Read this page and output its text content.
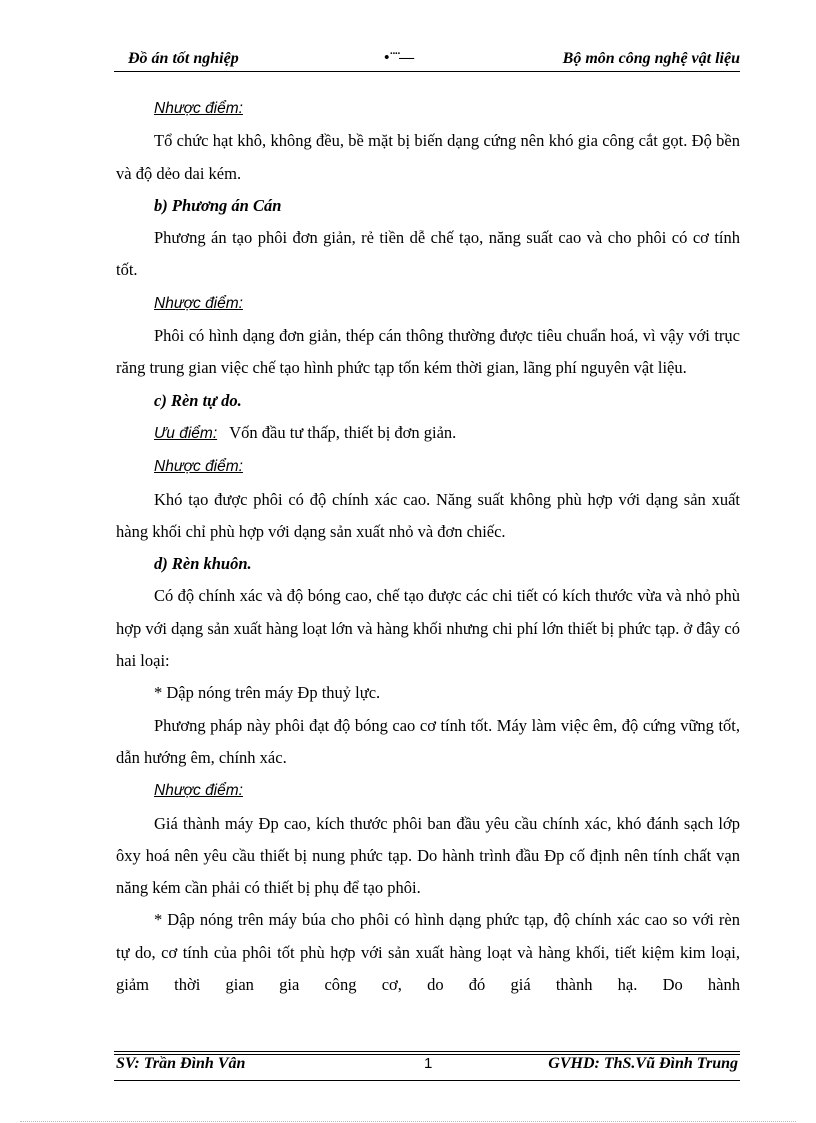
Đồ án tốt nghiệp	•¨¨—	Bộ môn công nghệ vật liệu

Nhược điểm:

Tổ chức hạt khô, không đều, bề mặt bị biến dạng cứng nên khó gia công cắt gọt. Độ bền và độ dẻo dai kém.

b) Phương án Cán

Phương án tạo phôi đơn giản, rẻ tiền dễ chế tạo, năng suất cao và cho phôi có cơ tính tốt.

Nhược điểm:

Phôi có hình dạng đơn giản, thép cán thông thường được tiêu chuẩn hoá, vì vậy với trục răng trung gian việc chế tạo hình phức tạp tốn kém thời gian, lãng phí nguyên vật liệu.

c) Rèn tự do.

Ưu điểm: Vốn đầu tư thấp, thiết bị đơn giản.

Nhược điểm:

Khó tạo được phôi có độ chính xác cao. Năng suất không phù hợp với dạng sản xuất hàng khối chỉ phù hợp với dạng sản xuất nhỏ và đơn chiếc.

d) Rèn khuôn.

Có độ chính xác và độ bóng cao, chế tạo được các chi tiết có kích thước vừa và nhỏ phù hợp với dạng sản xuất hàng loạt lớn và hàng khối nhưng chi phí lớn thiết bị phức tạp. ở đây có hai loại:

* Dập nóng trên máy Đp thuỷ lực.

Phương pháp này phôi đạt độ bóng cao cơ tính tốt. Máy làm việc êm, độ cứng vững tốt, dẫn hướng êm, chính xác.

Nhược điểm:

Giá thành máy Đp cao, kích thước phôi ban đầu yêu cầu chính xác, khó đánh sạch lớp ôxy hoá nên yêu cầu thiết bị nung phức tạp. Do hành trình đầu Đp cố định nên tính chất vạn năng kém cần phải có thiết bị phụ để tạo phôi.

* Dập nóng trên máy búa cho phôi có hình dạng phức tạp, độ chính xác cao so với rèn tự do, cơ tính của phôi tốt phù hợp với sản xuất hàng loạt và hàng khối, tiết kiệm kim loại, giảm thời gian gia công cơ, do đó giá thành hạ. Do hành

SV: Trần Đình Vân	1	GVHD: ThS.Vũ Đình Trung
